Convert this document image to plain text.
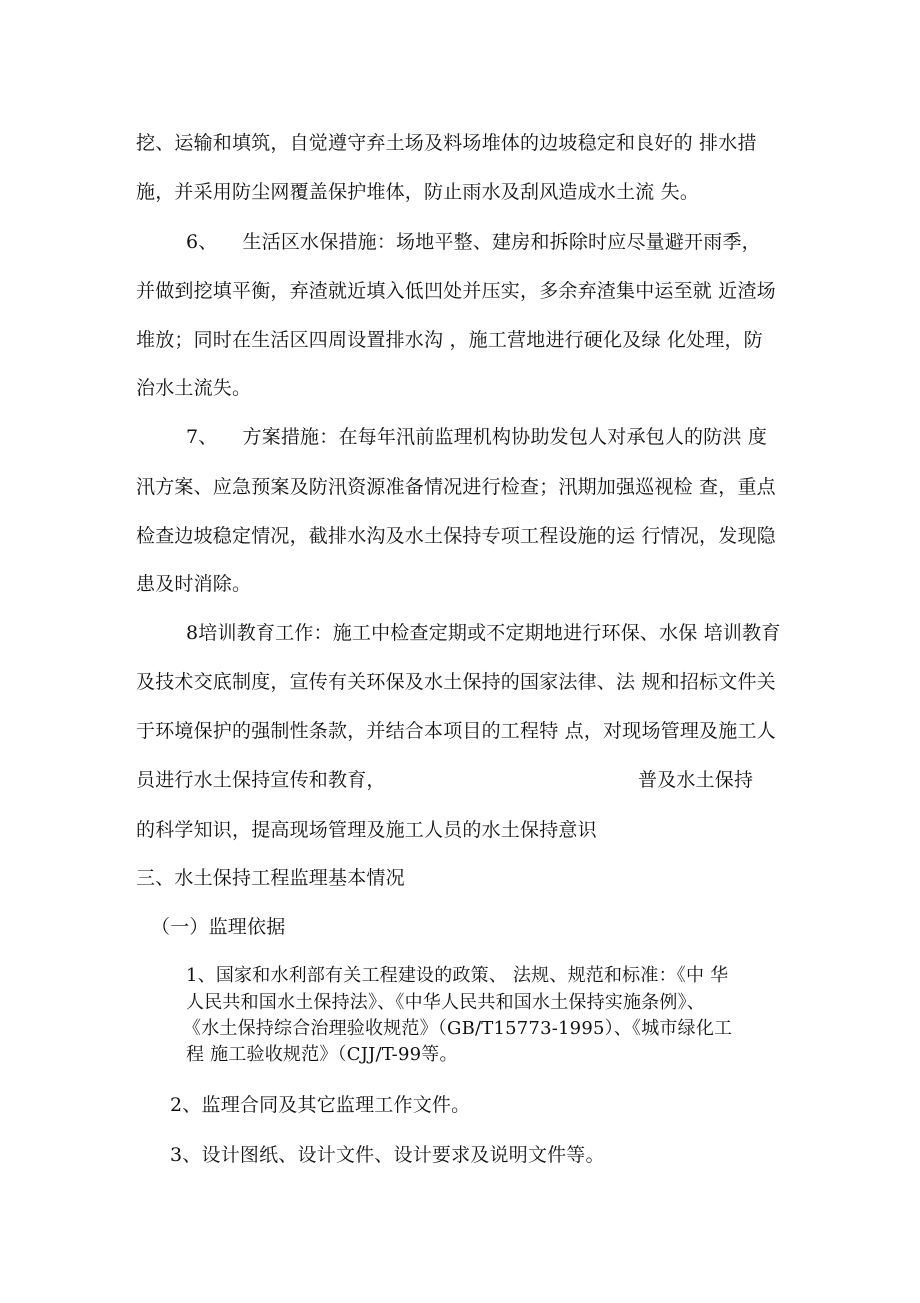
挖、运输和填筑，自觉遵守弃土场及料场堆体的边坡稳定和良好的 排水措
施，并采用防尘网覆盖保护堆体，防止雨水及刮风造成水土流 失。
6、    生活区水保措施：场地平整、建房和拆除时应尽量避开雨季，
并做到挖填平衡，弃渣就近填入低凹处并压实，多余弃渣集中运至就 近渣场
堆放；同时在生活区四周设置排水沟 ，施工营地进行硬化及绿 化处理，防
治水土流失。
7、    方案措施：在每年汛前监理机构协助发包人对承包人的防洪 度
汛方案、应急预案及防汛资源准备情况进行检查；汛期加强巡视检 查，重点
检查边坡稳定情况，截排水沟及水土保持专项工程设施的运 行情况，发现隐
患及时消除。
8培训教育工作：施工中检查定期或不定期地进行环保、水保 培训教育
及技术交底制度，宣传有关环保及水土保持的国家法律、法 规和招标文件关
于环境保护的强制性条款，并结合本项目的工程特 点，对现场管理及施工人
员进行水土保持宣传和教育，	普及水土保持
的科学知识，提高现场管理及施工人员的水土保持意识
三、水土保持工程监理基本情况
（一）监理依据
1、国家和水利部有关工程建设的政策、 法规、规范和标准：《中 华
人民共和国水土保持法》、《中华人民共和国水土保持实施条例》、
《水土保持综合治理验收规范》（GB/T15773-1995）、《城市绿化工
程 施工验收规范》（CJJ/T-99等。
2、监理合同及其它监理工作文件。
3、设计图纸、设计文件、设计要求及说明文件等。
